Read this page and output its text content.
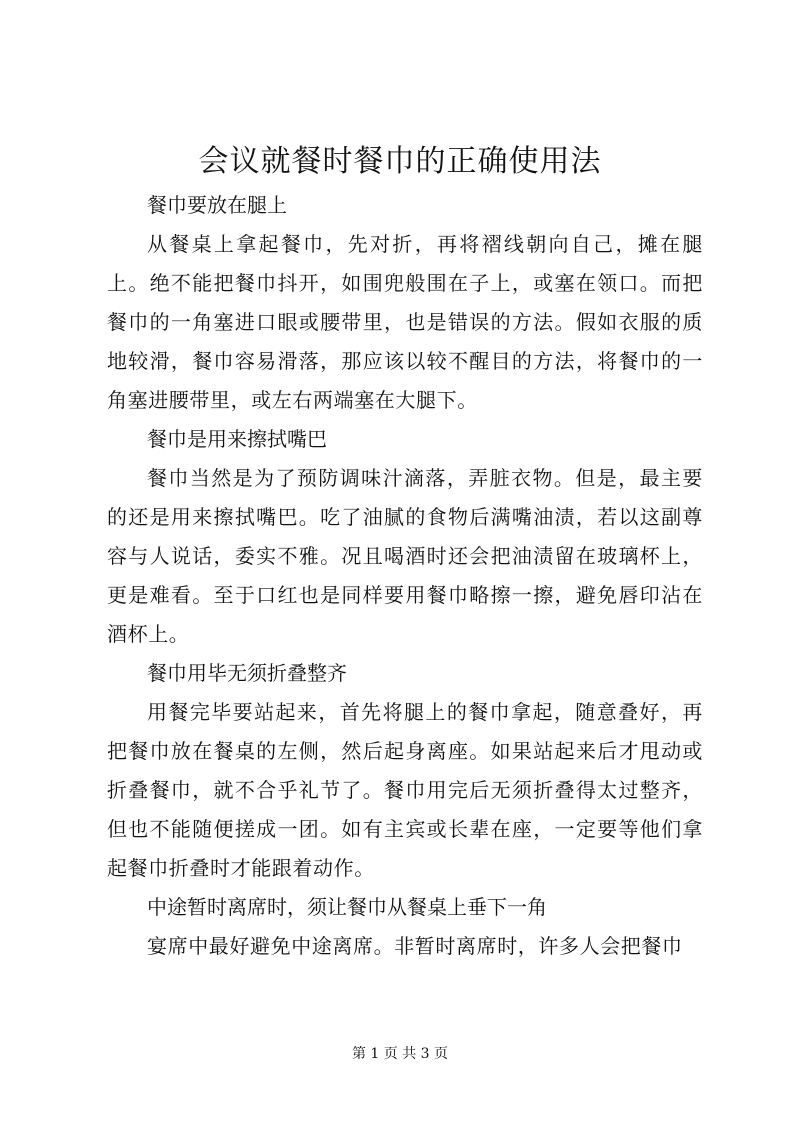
会议就餐时餐巾的正确使用法

餐巾要放在腿上

从餐桌上拿起餐巾，先对折，再将褶线朝向自己，摊在腿上。绝不能把餐巾抖开，如围兜般围在子上，或塞在领口。而把餐巾的一角塞进口眼或腰带里，也是错误的方法。假如衣服的质地较滑，餐巾容易滑落，那应该以较不醒目的方法，将餐巾的一角塞进腰带里，或左右两端塞在大腿下。

餐巾是用来擦拭嘴巴

餐巾当然是为了预防调味汁滴落，弄脏衣物。但是，最主要的还是用来擦拭嘴巴。吃了油腻的食物后满嘴油渍，若以这副尊容与人说话，委实不雅。况且喝酒时还会把油渍留在玻璃杯上，更是难看。至于口红也是同样要用餐巾略擦一擦，避免唇印沾在酒杯上。

餐巾用毕无须折叠整齐

用餐完毕要站起来，首先将腿上的餐巾拿起，随意叠好，再把餐巾放在餐桌的左侧，然后起身离座。如果站起来后才甩动或折叠餐巾，就不合乎礼节了。餐巾用完后无须折叠得太过整齐，但也不能随便搓成一团。如有主宾或长辈在座，一定要等他们拿起餐巾折叠时才能跟着动作。

中途暂时离席时，须让餐巾从餐桌上垂下一角

宴席中最好避免中途离席。非暂时离席时，许多人会把餐巾

第 1 页 共 3 页
